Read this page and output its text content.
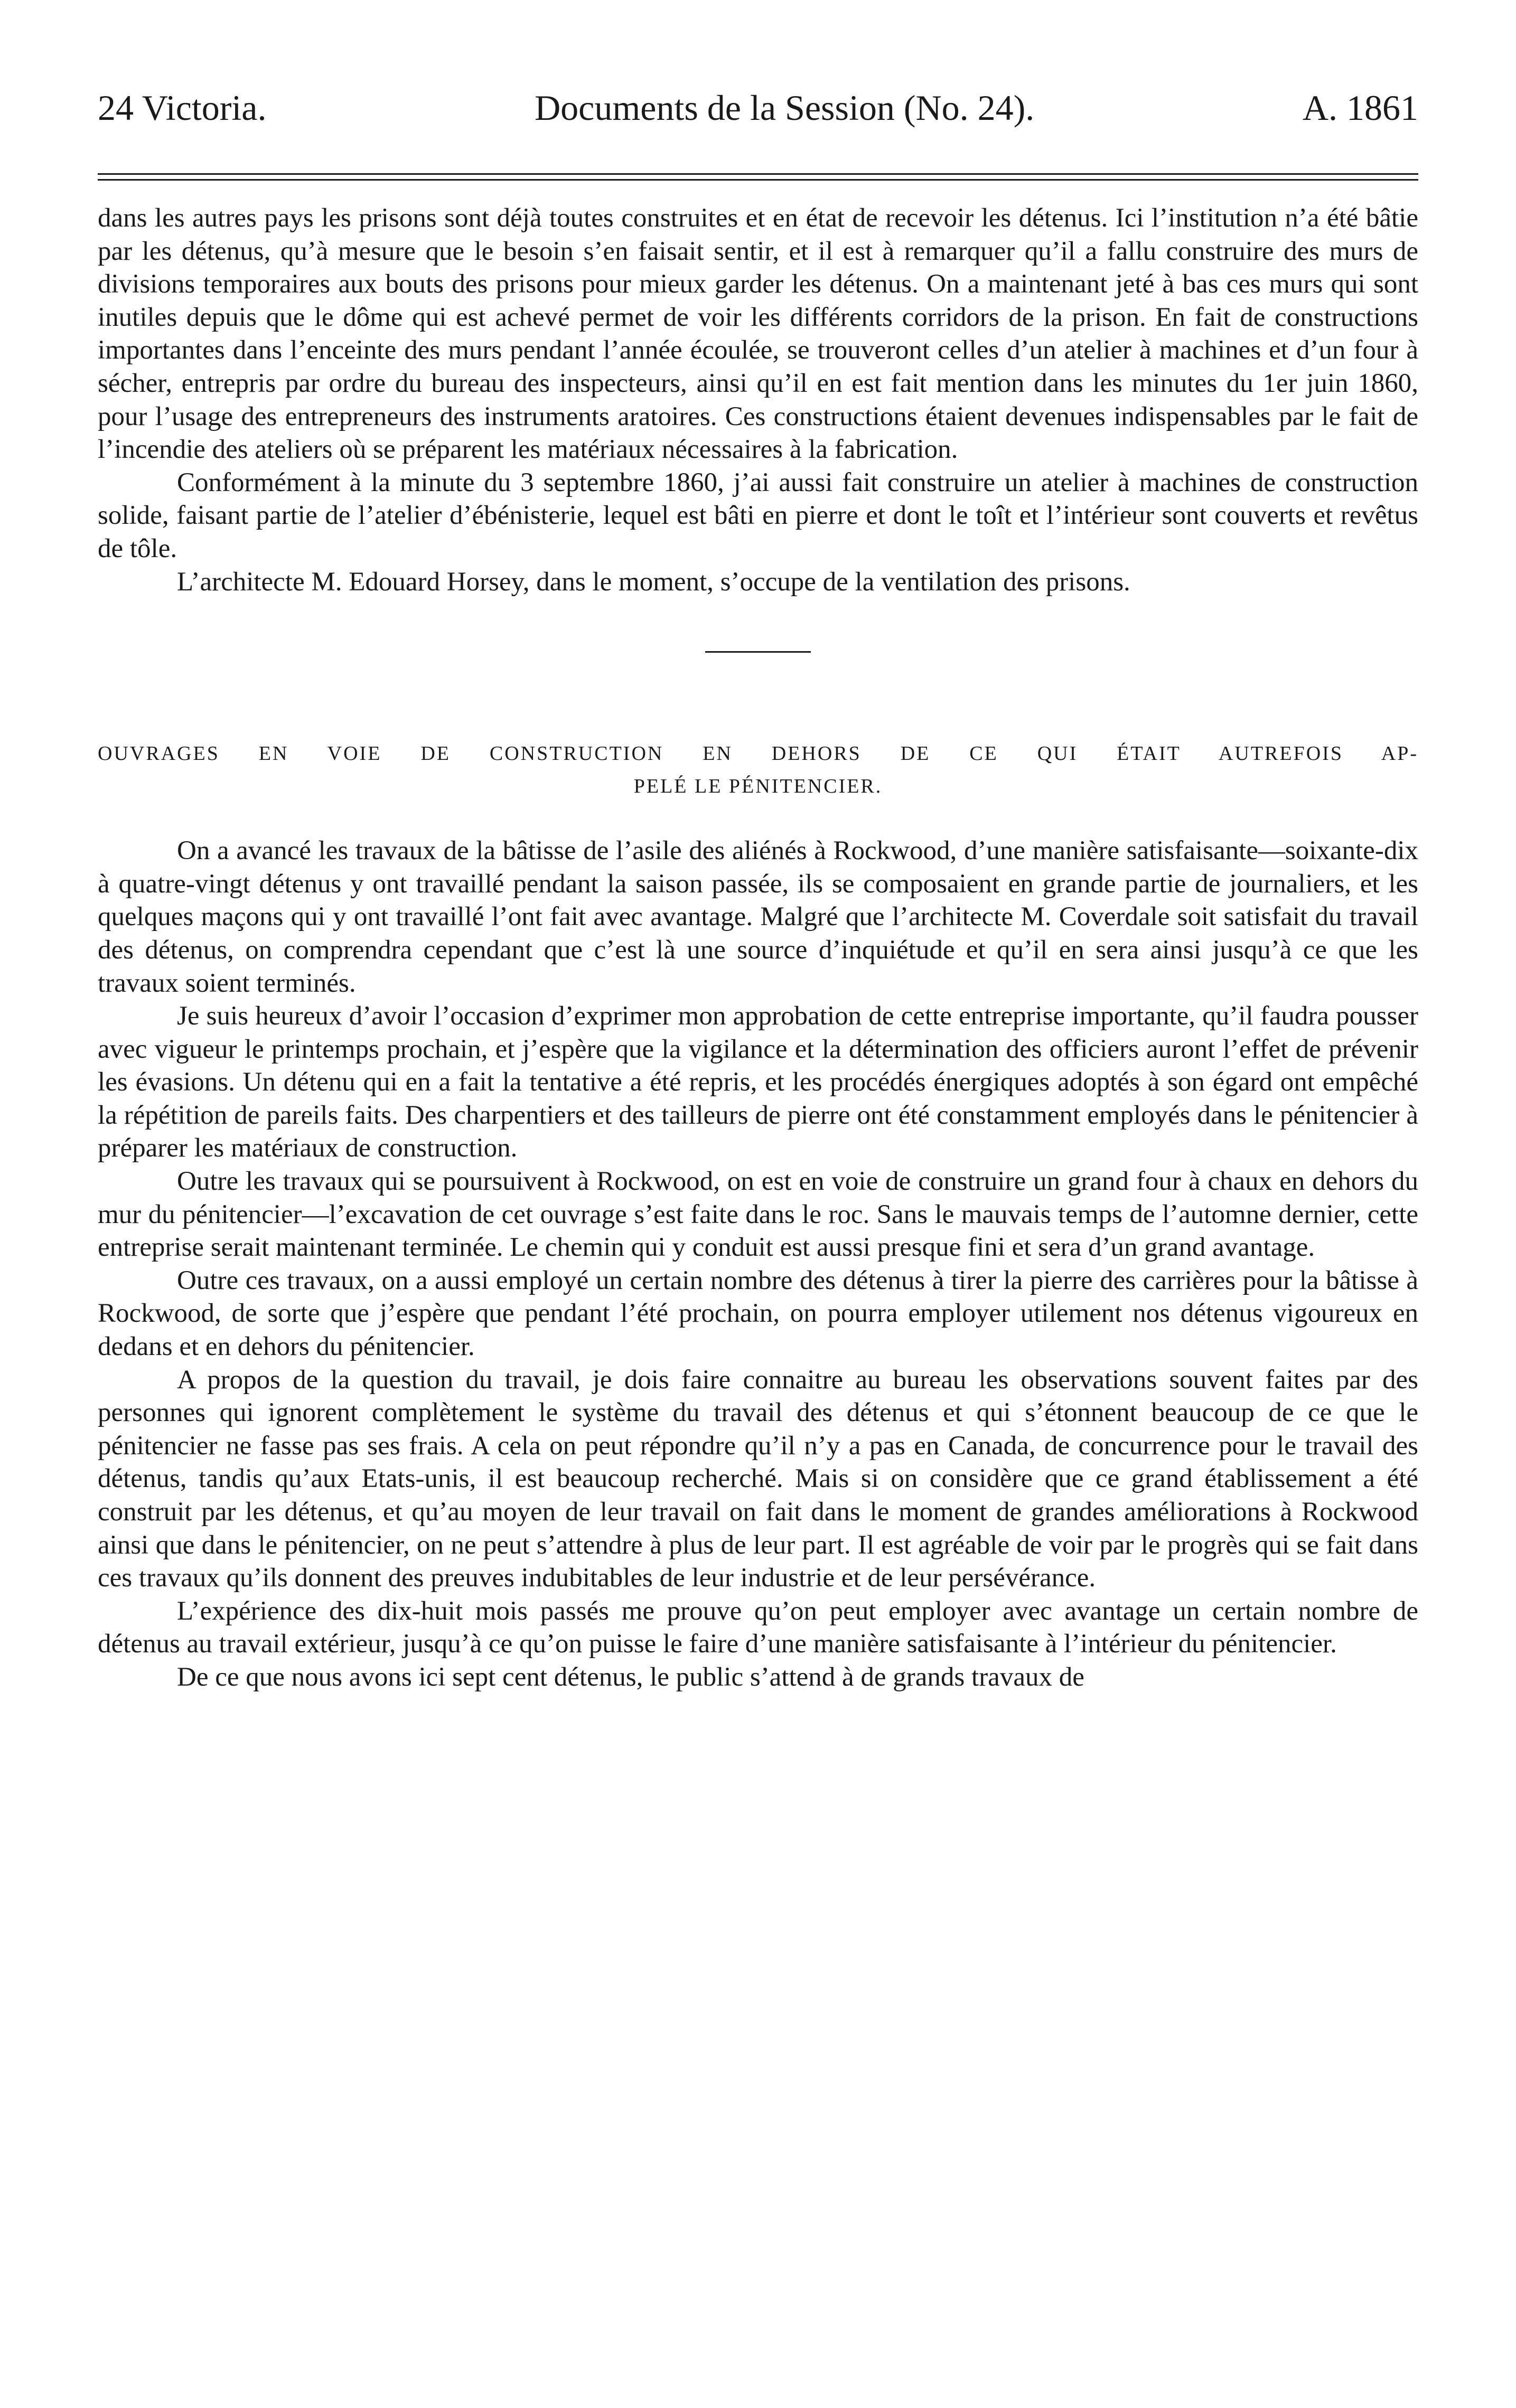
24 Victoria.	Documents de la Session (No. 24).	A. 1861

dans les autres pays les prisons sont déjà toutes construites et en état de recevoir les détenus. Ici l’institution n’a été bâtie par les détenus, qu’à mesure que le besoin s’en faisait sentir, et il est à remarquer qu’il a fallu construire des murs de divisions temporaires aux bouts des prisons pour mieux garder les détenus. On a maintenant jeté à bas ces murs qui sont inutiles depuis que le dôme qui est achevé permet de voir les différents corridors de la prison. En fait de constructions importantes dans l’enceinte des murs pendant l’année écoulée, se trouveront celles d’un atelier à machines et d’un four à sécher, entrepris par ordre du bureau des inspecteurs, ainsi qu’il en est fait mention dans les minutes du 1er juin 1860, pour l’usage des entrepreneurs des instruments aratoires. Ces constructions étaient devenues indispensables par le fait de l’incendie des ateliers où se préparent les matériaux nécessaires à la fabrication.

Conformément à la minute du 3 septembre 1860, j’ai aussi fait construire un atelier à machines de construction solide, faisant partie de l’atelier d’ébénisterie, lequel est bâti en pierre et dont le toît et l’intérieur sont couverts et revêtus de tôle.

L’architecte M. Edouard Horsey, dans le moment, s’occupe de la ventilation des prisons.

OUVRAGES EN VOIE DE CONSTRUCTION EN DEHORS DE CE QUI ÉTAIT AUTREFOIS AP-
PELÉ LE PÉNITENCIER.

On a avancé les travaux de la bâtisse de l’asile des aliénés à Rockwood, d’une manière satisfaisante—soixante-dix à quatre-vingt détenus y ont travaillé pendant la saison passée, ils se composaient en grande partie de journaliers, et les quelques maçons qui y ont travaillé l’ont fait avec avantage. Malgré que l’architecte M. Coverdale soit satisfait du travail des détenus, on comprendra cependant que c’est là une source d’inquiétude et qu’il en sera ainsi jusqu’à ce que les travaux soient terminés.

Je suis heureux d’avoir l’occasion d’exprimer mon approbation de cette entreprise importante, qu’il faudra pousser avec vigueur le printemps prochain, et j’espère que la vigilance et la détermination des officiers auront l’effet de prévenir les évasions. Un détenu qui en a fait la tentative a été repris, et les procédés énergiques adoptés à son égard ont empêché la répétition de pareils faits. Des charpentiers et des tailleurs de pierre ont été constamment employés dans le pénitencier à préparer les matériaux de construction.

Outre les travaux qui se poursuivent à Rockwood, on est en voie de construire un grand four à chaux en dehors du mur du pénitencier—l’excavation de cet ouvrage s’est faite dans le roc. Sans le mauvais temps de l’automne dernier, cette entreprise serait maintenant terminée. Le chemin qui y conduit est aussi presque fini et sera d’un grand avantage.

Outre ces travaux, on a aussi employé un certain nombre des détenus à tirer la pierre des carrières pour la bâtisse à Rockwood, de sorte que j’espère que pendant l’été prochain, on pourra employer utilement nos détenus vigoureux en dedans et en dehors du pénitencier.

A propos de la question du travail, je dois faire connaitre au bureau les observations souvent faites par des personnes qui ignorent complètement le système du travail des détenus et qui s’étonnent beaucoup de ce que le pénitencier ne fasse pas ses frais. A cela on peut répondre qu’il n’y a pas en Canada, de concurrence pour le travail des détenus, tandis qu’aux Etats-unis, il est beaucoup recherché. Mais si on considère que ce grand établissement a été construit par les détenus, et qu’au moyen de leur travail on fait dans le moment de grandes améliorations à Rockwood ainsi que dans le pénitencier, on ne peut s’attendre à plus de leur part. Il est agréable de voir par le progrès qui se fait dans ces travaux qu’ils donnent des preuves indubitables de leur industrie et de leur persévérance.

L’expérience des dix-huit mois passés me prouve qu’on peut employer avec avantage un certain nombre de détenus au travail extérieur, jusqu’à ce qu’on puisse le faire d’une manière satisfaisante à l’intérieur du pénitencier.

De ce que nous avons ici sept cent détenus, le public s’attend à de grands travaux de
